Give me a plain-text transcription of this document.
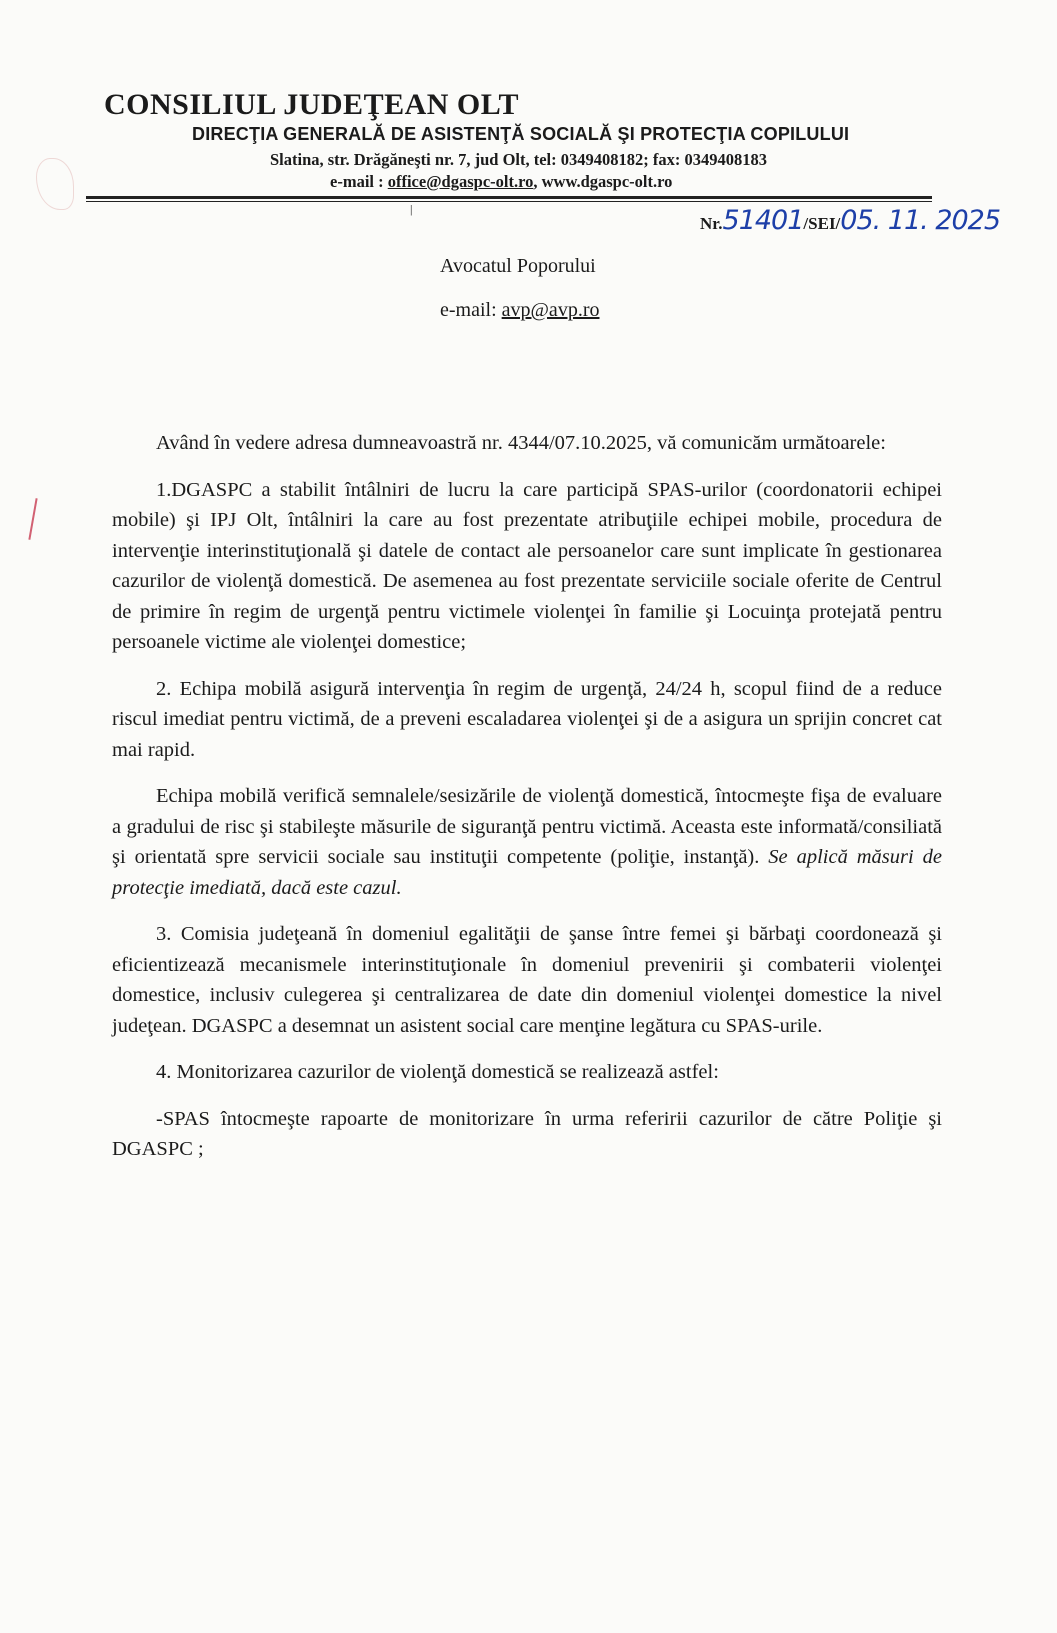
CONSILIUL JUDEŢEAN OLT
DIRECŢIA GENERALĂ DE ASISTENŢĂ SOCIALĂ ŞI PROTECŢIA COPILULUI
Slatina, str. Drăgăneşti nr. 7, jud Olt, tel: 0349408182; fax: 0349408183
e-mail : office@dgaspc-olt.ro, www.dgaspc-olt.ro
|
Nr.51401/SEI/05. 11. 2025
Avocatul Poporului
e-mail: avp@avp.ro

Având în vedere adresa dumneavoastră nr. 4344/07.10.2025, vă comunicăm următoarele:

1.DGASPC a stabilit întâlniri de lucru la care participă SPAS-urilor (coordonatorii echipei mobile) şi IPJ Olt, întâlniri la care au fost prezentate atribuţiile echipei mobile, procedura de intervenţie interinstituţională şi datele de contact ale persoanelor care sunt implicate în gestionarea cazurilor de violenţă domestică. De asemenea au fost prezentate serviciile sociale oferite de Centrul de primire în regim de urgenţă pentru victimele violenţei în familie şi Locuinţa protejată pentru persoanele victime ale violenţei domestice;

2. Echipa mobilă asigură intervenţia în regim de urgenţă, 24/24 h, scopul fiind de a reduce riscul imediat pentru victimă, de a preveni escaladarea violenţei şi de a asigura un sprijin concret cat mai rapid.

Echipa mobilă verifică semnalele/sesizările de violenţă domestică, întocmeşte fişa de evaluare a gradului de risc şi stabileşte măsurile de siguranţă pentru victimă. Aceasta este informată/consiliată şi orientată spre servicii sociale sau instituţii competente (poliţie, instanţă). Se aplică măsuri de protecţie imediată, dacă este cazul.

3. Comisia judeţeană în domeniul egalităţii de şanse între femei şi bărbaţi coordonează şi eficientizează mecanismele interinstituţionale în domeniul prevenirii şi combaterii violenţei domestice, inclusiv culegerea şi centralizarea de date din domeniul violenţei domestice la nivel judeţean. DGASPC a desemnat un asistent social care menţine legătura cu SPAS-urile.

4. Monitorizarea cazurilor de violenţă domestică se realizează astfel:

-SPAS întocmeşte rapoarte de monitorizare în urma referirii cazurilor de către Poliţie şi DGASPC ;
